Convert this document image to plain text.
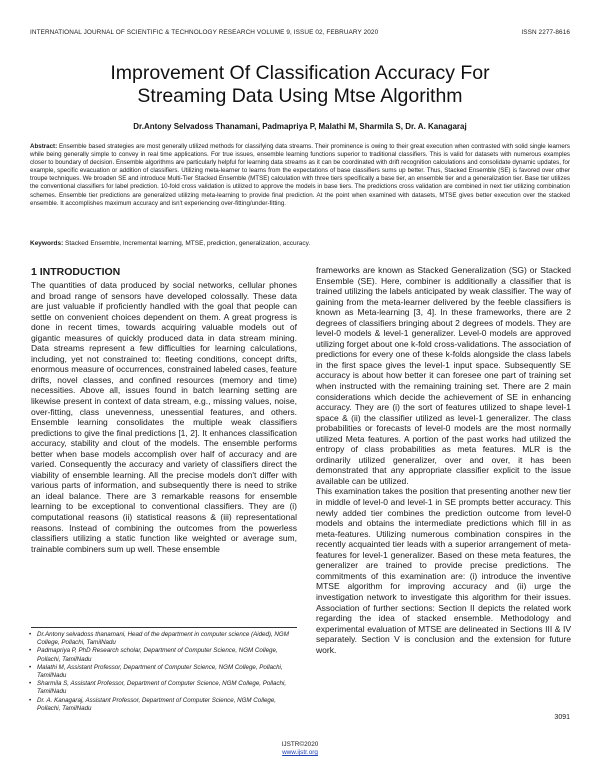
INTERNATIONAL JOURNAL OF SCIENTIFIC & TECHNOLOGY RESEARCH VOLUME 9, ISSUE 02, FEBRUARY 2020	ISSN 2277-8616
Improvement Of Classification Accuracy For
Streaming Data Using Mtse Algorithm
Dr.Antony Selvadoss Thanamani, Padmapriya P, Malathi M, Sharmila S, Dr. A. Kanagaraj
Abstract: Ensemble based strategies are most generally utilized methods for classifying data streams. Their prominence is owing to their great execution when contrasted with solid single learners while being generally simple to convey in real time applications. For true issues, ensemble learning functions superior to traditional classifiers. This is valid for datasets with numerous examples closer to boundary of decision. Ensemble algorithms are particularly helpful for learning data streams as it can be coordinated with drift recognition calculations and consolidate dynamic updates, for example, specific evacuation or addition of classifiers. Utilizing meta-learner to learns from the expectations of base classifiers sums up better. Thus, Stacked Ensemble (SE) is favored over other troupe techniques. We broaden SE and introduce Multi-Tier Stacked Ensemble (MTSE) calculation with three tiers specifically a base tier, an ensemble tier and a generalization tier. Base tier utilizes the conventional classifiers for label prediction. 10-fold cross validation is utilized to approve the models in base tiers. The predictions cross validation are combined in next tier utilizing combination schemes. Ensemble tier predictions are generalized utilizing meta-learning to provide final prediction. At the point when examined with datasets, MTSE gives better execution over the stacked ensemble. It accomplishes maximum accuracy and isn't experiencing over-fitting/under-fitting.
Keywords: Stacked Ensemble, Incremental learning, MTSE, prediction, generalization, accuracy.
1 INTRODUCTION

The quantities of data produced by social networks, cellular phones and broad range of sensors have developed colossally. These data are just valuable if proficiently handled with the goal that people can settle on convenient choices dependent on them. A great progress is done in recent times, towards acquiring valuable models out of gigantic measures of quickly produced data in data stream mining. Data streams represent a few difficulties for learning calculations, including, yet not constrained to: fleeting conditions, concept drifts, enormous measure of occurrences, constrained labeled cases, feature drifts, novel classes, and confined resources (memory and time) necessities. Above all, issues found in batch learning setting are likewise present in context of data stream, e.g., missing values, noise, over-fitting, class unevenness, unessential features, and others. Ensemble learning consolidates the multiple weak classifiers predictions to give the final predictions [1, 2]. It enhances classification accuracy, stability and clout of the models. The ensemble performs better when base models accomplish over half of accuracy and are varied. Consequently the accuracy and variety of classifiers direct the viability of ensemble learning. All the precise models don't differ with various parts of information, and subsequently there is need to strike an ideal balance. There are 3 remarkable reasons for ensemble learning to be exceptional to conventional classifiers. They are (i) computational reasons (ii) statistical reasons & (iii) representational reasons. Instead of combining the outcomes from the powerless classifiers utilizing a static function like weighted or average sum, trainable combiners sum up well. These ensemble

frameworks are known as Stacked Generalization (SG) or Stacked Ensemble (SE). Here, combiner is additionally a classifier that is trained utilizing the labels anticipated by weak classifier. The way of gaining from the meta-learner delivered by the feeble classifiers is known as Meta-learning [3, 4]. In these frameworks, there are 2 degrees of classifiers bringing about 2 degrees of models. They are level-0 models & level-1 generalizer. Level-0 models are approved utilizing forget about one k-fold cross-validations. The association of predictions for every one of these k-folds alongside the class labels in the first space gives the level-1 input space. Subsequently SE accuracy is about how better it can foresee one part of training set when instructed with the remaining training set. There are 2 main considerations which decide the achievement of SE in enhancing accuracy. They are (i) the sort of features utilized to shape level-1 space & (ii) the classifier utilized as level-1 generalizer. The class probabilities or forecasts of level-0 models are the most normally utilized Meta features. A portion of the past works had utilized the entropy of class probabilities as meta features. MLR is the ordinarily utilized generalizer, over and over, it has been demonstrated that any appropriate classifier explicit to the issue available can be utilized.

This examination takes the position that presenting another new tier in middle of level-0 and level-1 in SE prompts better accuracy. This newly added tier combines the prediction outcome from level-0 models and obtains the intermediate predictions which fill in as meta-features. Utilizing numerous combination conspires in the recently acquainted tier leads with a superior arrangement of meta-features for level-1 generalizer. Based on these meta features, the generalizer are trained to provide precise predictions. The commitments of this examination are: (i) introduce the inventive MTSE algorithm for improving accuracy and (ii) urge the investigation network to investigate this algorithm for their issues. Association of further sections: Section II depicts the related work regarding the idea of stacked ensemble. Methodology and experimental evaluation of MTSE are delineated in Sections III & IV separately. Section V is conclusion and the extension for future work.

• Dr.Antony selvadoss thanamani, Head of the department in computer science (Aided), NGM College, Pollachi, TamilNadu
• Padmapriya P, PhD Research scholar, Department of Computer Science, NGM College, Pollachi, TamilNadu
• Malathi M, Assistant Professor, Department of Computer Science, NGM College, Pollachi, TamilNadu
• Sharmila S, Assistant Professor, Department of Computer Science, NGM College, Pollachi, TamilNadu
• Dr. A. Kanagaraj, Assistant Professor, Department of Computer Science, NGM College, Pollachi, TamilNadu
3091
IJSTR©2020
www.ijstr.org
